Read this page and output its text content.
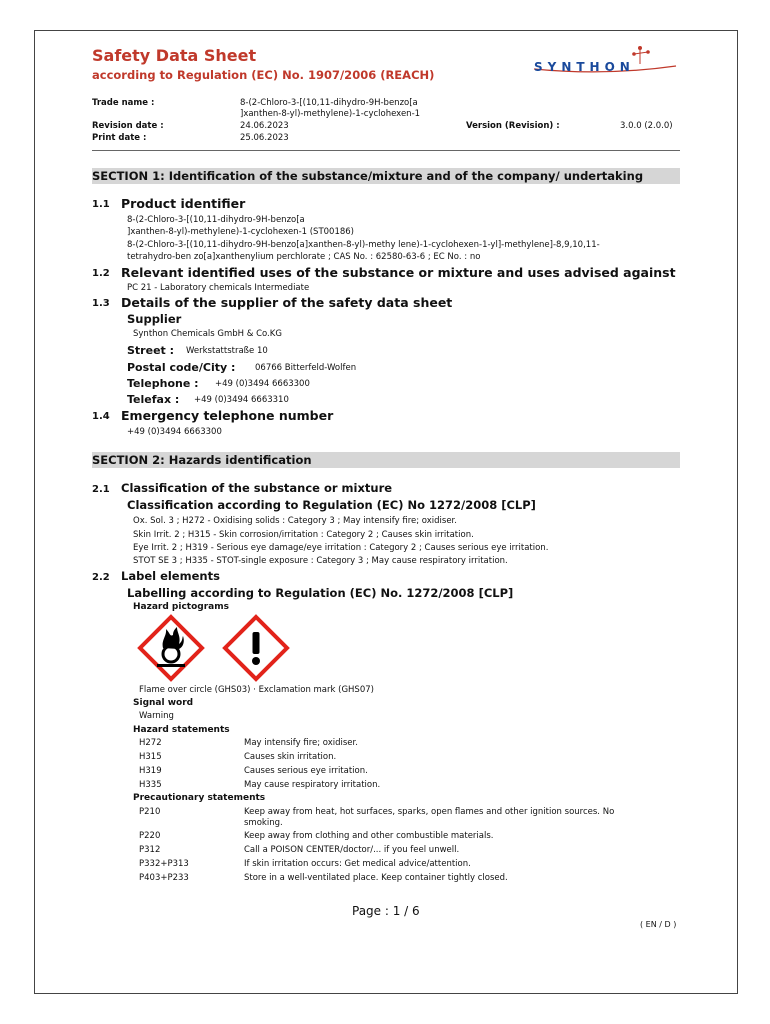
Safety Data Sheet
according to Regulation (EC) No. 1907/2006 (REACH)
SYNTHON
Trade name :	8-(2-Chloro-3-[(10,11-dihydro-9H-benzo[a
]xanthen-8-yl)-methylene)-1-cyclohexen-1
Revision date :	24.06.2023	Version (Revision) :	3.0.0 (2.0.0)
Print date :	25.06.2023
SECTION 1: Identification of the substance/mixture and of the company/ undertaking
1.1 Product identifier
8-(2-Chloro-3-[(10,11-dihydro-9H-benzo[a
]xanthen-8-yl)-methylene)-1-cyclohexen-1 (ST00186)
8-(2-Chloro-3-[(10,11-dihydro-9H-benzo[a]xanthen-8-yl)-methy lene)-1-cyclohexen-1-yl]-methylene]-8,9,10,11-
tetrahydro-ben zo[a]xanthenylium perchlorate ; CAS No. : 62580-63-6 ; EC No. : no
1.2 Relevant identified uses of the substance or mixture and uses advised against
PC 21 - Laboratory chemicals Intermediate
1.3 Details of the supplier of the safety data sheet
Supplier
Synthon Chemicals GmbH & Co.KG
Street : Werkstattstraße 10
Postal code/City : 06766 Bitterfeld-Wolfen
Telephone : +49 (0)3494 6663300
Telefax : +49 (0)3494 6663310
1.4 Emergency telephone number
+49 (0)3494 6663300
SECTION 2: Hazards identification
2.1 Classification of the substance or mixture
Classification according to Regulation (EC) No 1272/2008 [CLP]
Ox. Sol. 3 ; H272 - Oxidising solids : Category 3 ; May intensify fire; oxidiser.
Skin Irrit. 2 ; H315 - Skin corrosion/irritation : Category 2 ; Causes skin irritation.
Eye Irrit. 2 ; H319 - Serious eye damage/eye irritation : Category 2 ; Causes serious eye irritation.
STOT SE 3 ; H335 - STOT-single exposure : Category 3 ; May cause respiratory irritation.
2.2 Label elements
Labelling according to Regulation (EC) No. 1272/2008 [CLP]
Hazard pictograms
Flame over circle (GHS03) · Exclamation mark (GHS07)
Signal word
Warning
Hazard statements
H272	May intensify fire; oxidiser.
H315	Causes skin irritation.
H319	Causes serious eye irritation.
H335	May cause respiratory irritation.
Precautionary statements
P210	Keep away from heat, hot surfaces, sparks, open flames and other ignition sources. No
smoking.
P220	Keep away from clothing and other combustible materials.
P312	Call a POISON CENTER/doctor/... if you feel unwell.
P332+P313	If skin irritation occurs: Get medical advice/attention.
P403+P233	Store in a well-ventilated place. Keep container tightly closed.
Page : 1 / 6
( EN / D )
